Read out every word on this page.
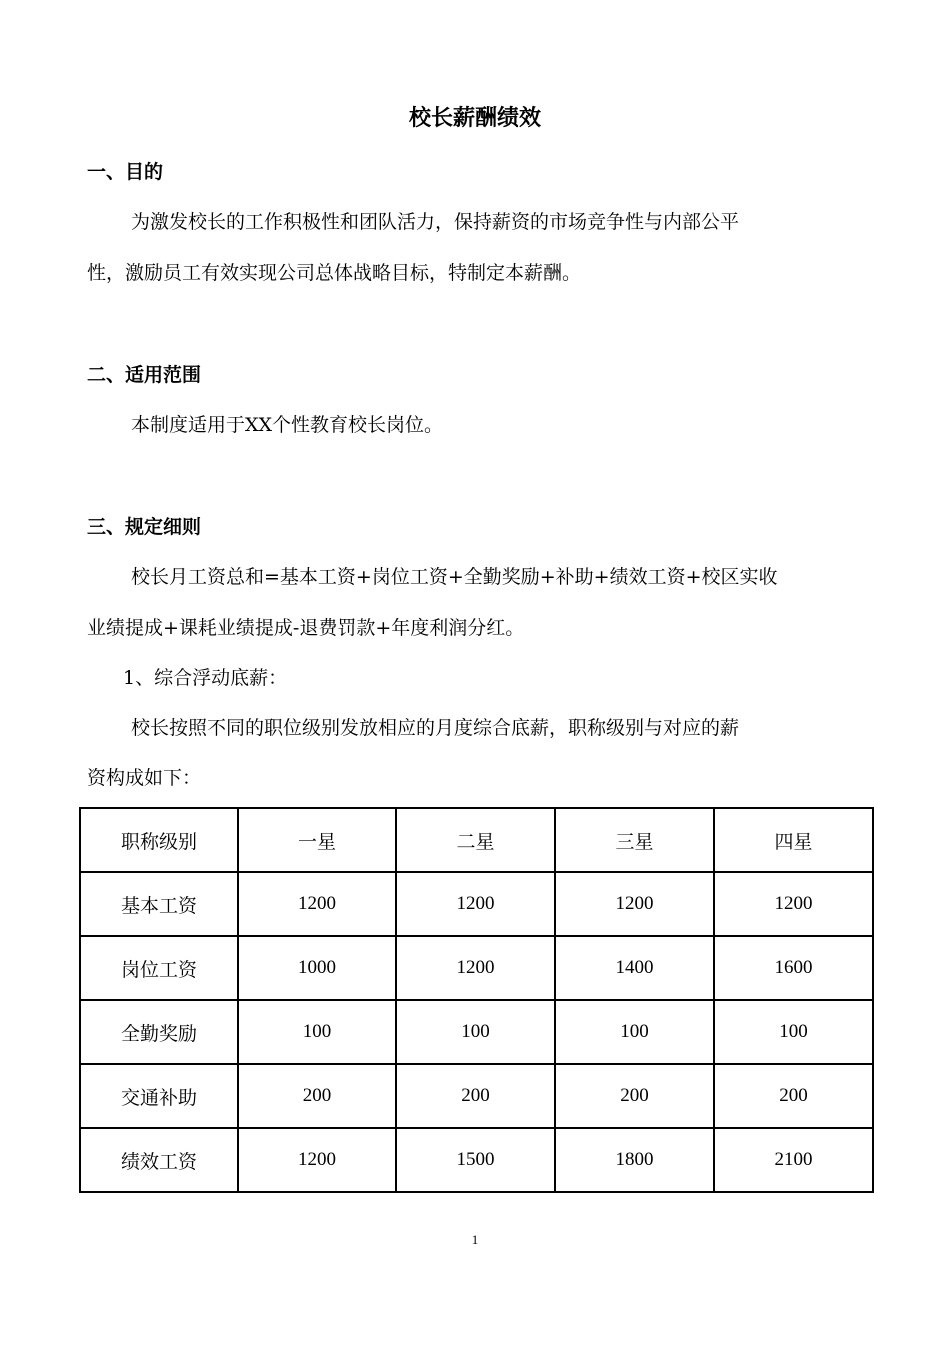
校长薪酬绩效
一、目的
为激发校长的工作积极性和团队活力，保持薪资的市场竞争性与内部公平
性，激励员工有效实现公司总体战略目标，特制定本薪酬。
二、适用范围
本制度适用于XX个性教育校长岗位。
三、规定细则
校长月工资总和=基本工资+岗位工资+全勤奖励+补助+绩效工资+校区实收
业绩提成+课耗业绩提成-退费罚款+年度利润分红。
1、综合浮动底薪：
校长按照不同的职位级别发放相应的月度综合底薪，职称级别与对应的薪
资构成如下：
职称级别	一星	二星	三星	四星
基本工资	1200	1200	1200	1200
岗位工资	1000	1200	1400	1600
全勤奖励	100	100	100	100
交通补助	200	200	200	200
绩效工资	1200	1500	1800	2100
1
